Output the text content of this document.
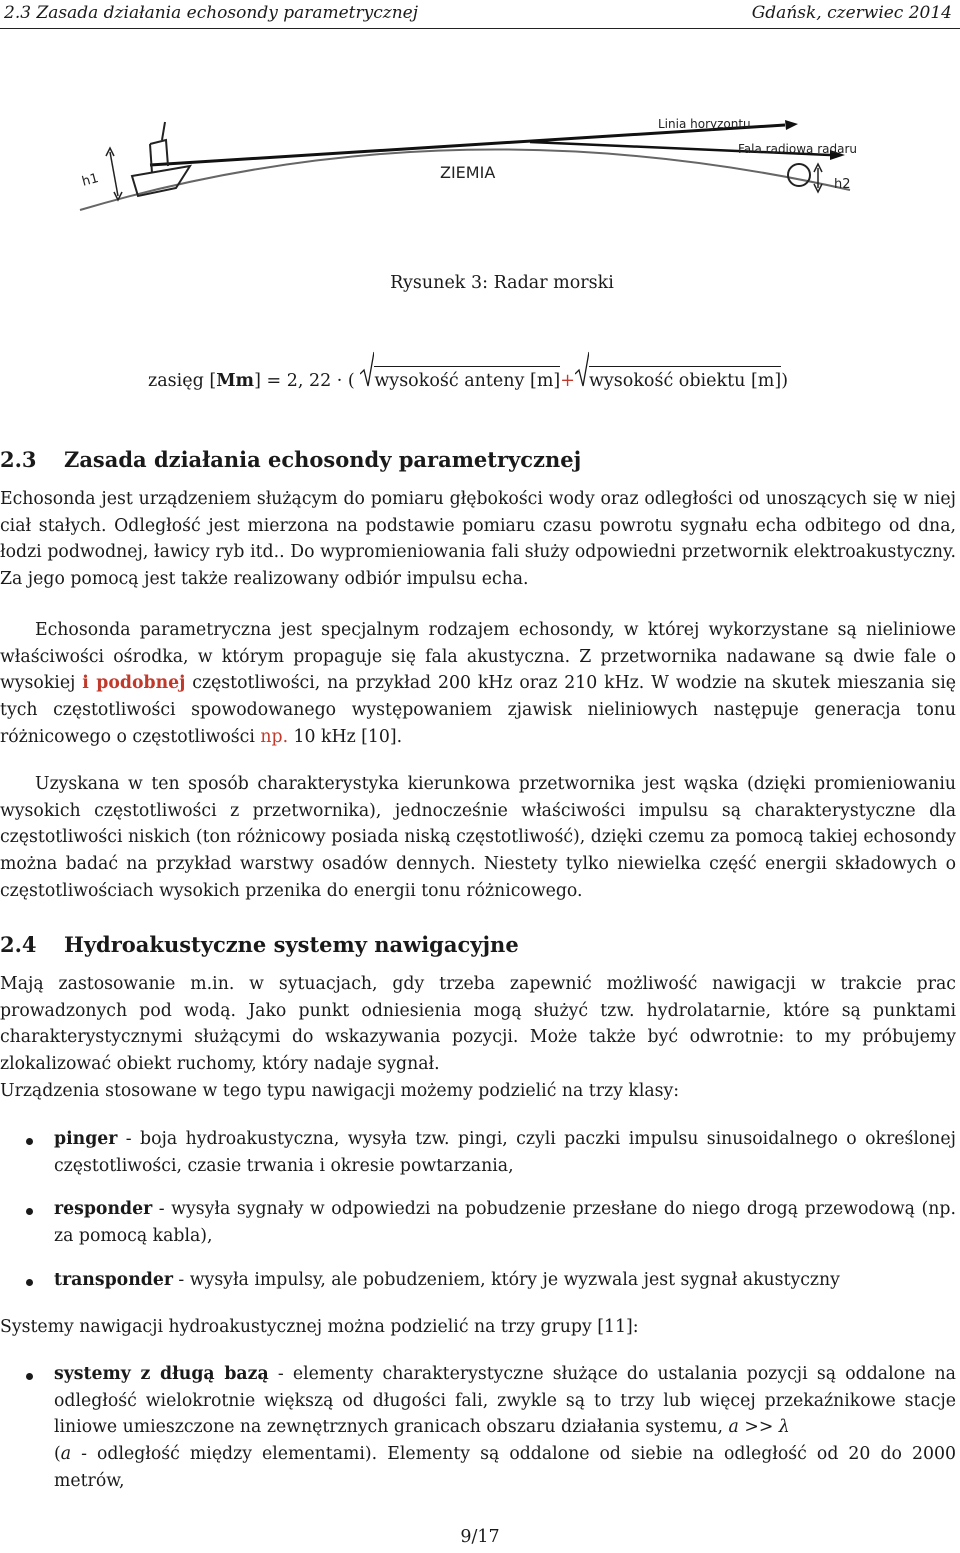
2.3 Zasada działania echosondy parametrycznej	Gdańsk, czerwiec 2014
h1	ZIEMIA
Linia horyzontu
Fala radiowa radaru
h2
Rysunek 3: Radar morski
zasięg [Mm] = 2, 22 · ( wysokość anteny [m]+ wysokość obiektu [m])
2.3 Zasada działania echosondy parametrycznej

Echosonda jest urządzeniem służącym do pomiaru głębokości wody oraz odległości od unoszących się w niej ciał stałych. Odległość jest mierzona na podstawie pomiaru czasu powrotu sygnału echa odbitego od dna, łodzi podwodnej, ławicy ryb itd.. Do wypromieniowania fali służy odpowiedni przetwornik elektroakustyczny. Za jego pomocą jest także realizowany odbiór impulsu echa.

Echosonda parametryczna jest specjalnym rodzajem echosondy, w której wykorzystane są nieliniowe właściwości ośrodka, w którym propaguje się fala akustyczna. Z przetwornika nadawane są dwie fale o wysokiej i podobnej częstotliwości, na przykład 200 kHz oraz 210 kHz. W wodzie na skutek mieszania się tych częstotliwości spowodowanego występowaniem zjawisk nieliniowych następuje generacja tonu różnicowego o częstotliwości np. 10 kHz [10].

Uzyskana w ten sposób charakterystyka kierunkowa przetwornika jest wąska (dzięki promieniowaniu wysokich częstotliwości z przetwornika), jednocześnie właściwości impulsu są charakterystyczne dla częstotliwości niskich (ton różnicowy posiada niską częstotliwość), dzięki czemu za pomocą takiej echosondy można badać na przykład warstwy osadów dennych. Niestety tylko niewielka część energii składowych o częstotliwościach wysokich przenika do energii tonu różnicowego.

2.4 Hydroakustyczne systemy nawigacyjne

Mają zastosowanie m.in. w sytuacjach, gdy trzeba zapewnić możliwość nawigacji w trakcie prac prowadzonych pod wodą. Jako punkt odniesienia mogą służyć tzw. hydrolatarnie, które są punktami charakterystycznymi służącymi do wskazywania pozycji. Może także być odwrotnie: to my próbujemy zlokalizować obiekt ruchomy, który nadaje sygnał.

Urządzenia stosowane w tego typu nawigacji możemy podzielić na trzy klasy:

pinger - boja hydroakustyczna, wysyła tzw. pingi, czyli paczki impulsu sinusoidalnego o określonej częstotliwości, czasie trwania i okresie powtarzania,
responder - wysyła sygnały w odpowiedzi na pobudzenie przesłane do niego drogą przewodową (np. za pomocą kabla),
transponder - wysyła impulsy, ale pobudzeniem, który je wyzwala jest sygnał akustyczny

Systemy nawigacji hydroakustycznej można podzielić na trzy grupy [11]:

systemy z długą bazą - elementy charakterystyczne służące do ustalania pozycji są oddalone na odległość wielokrotnie większą od długości fali, zwykle są to trzy lub więcej przekaźnikowe stacje liniowe umieszczone na zewnętrznych granicach obszaru działania systemu, a >> λ
(a - odległość między elementami). Elementy są oddalone od siebie na odległość od 20 do 2000 metrów,
9/17
